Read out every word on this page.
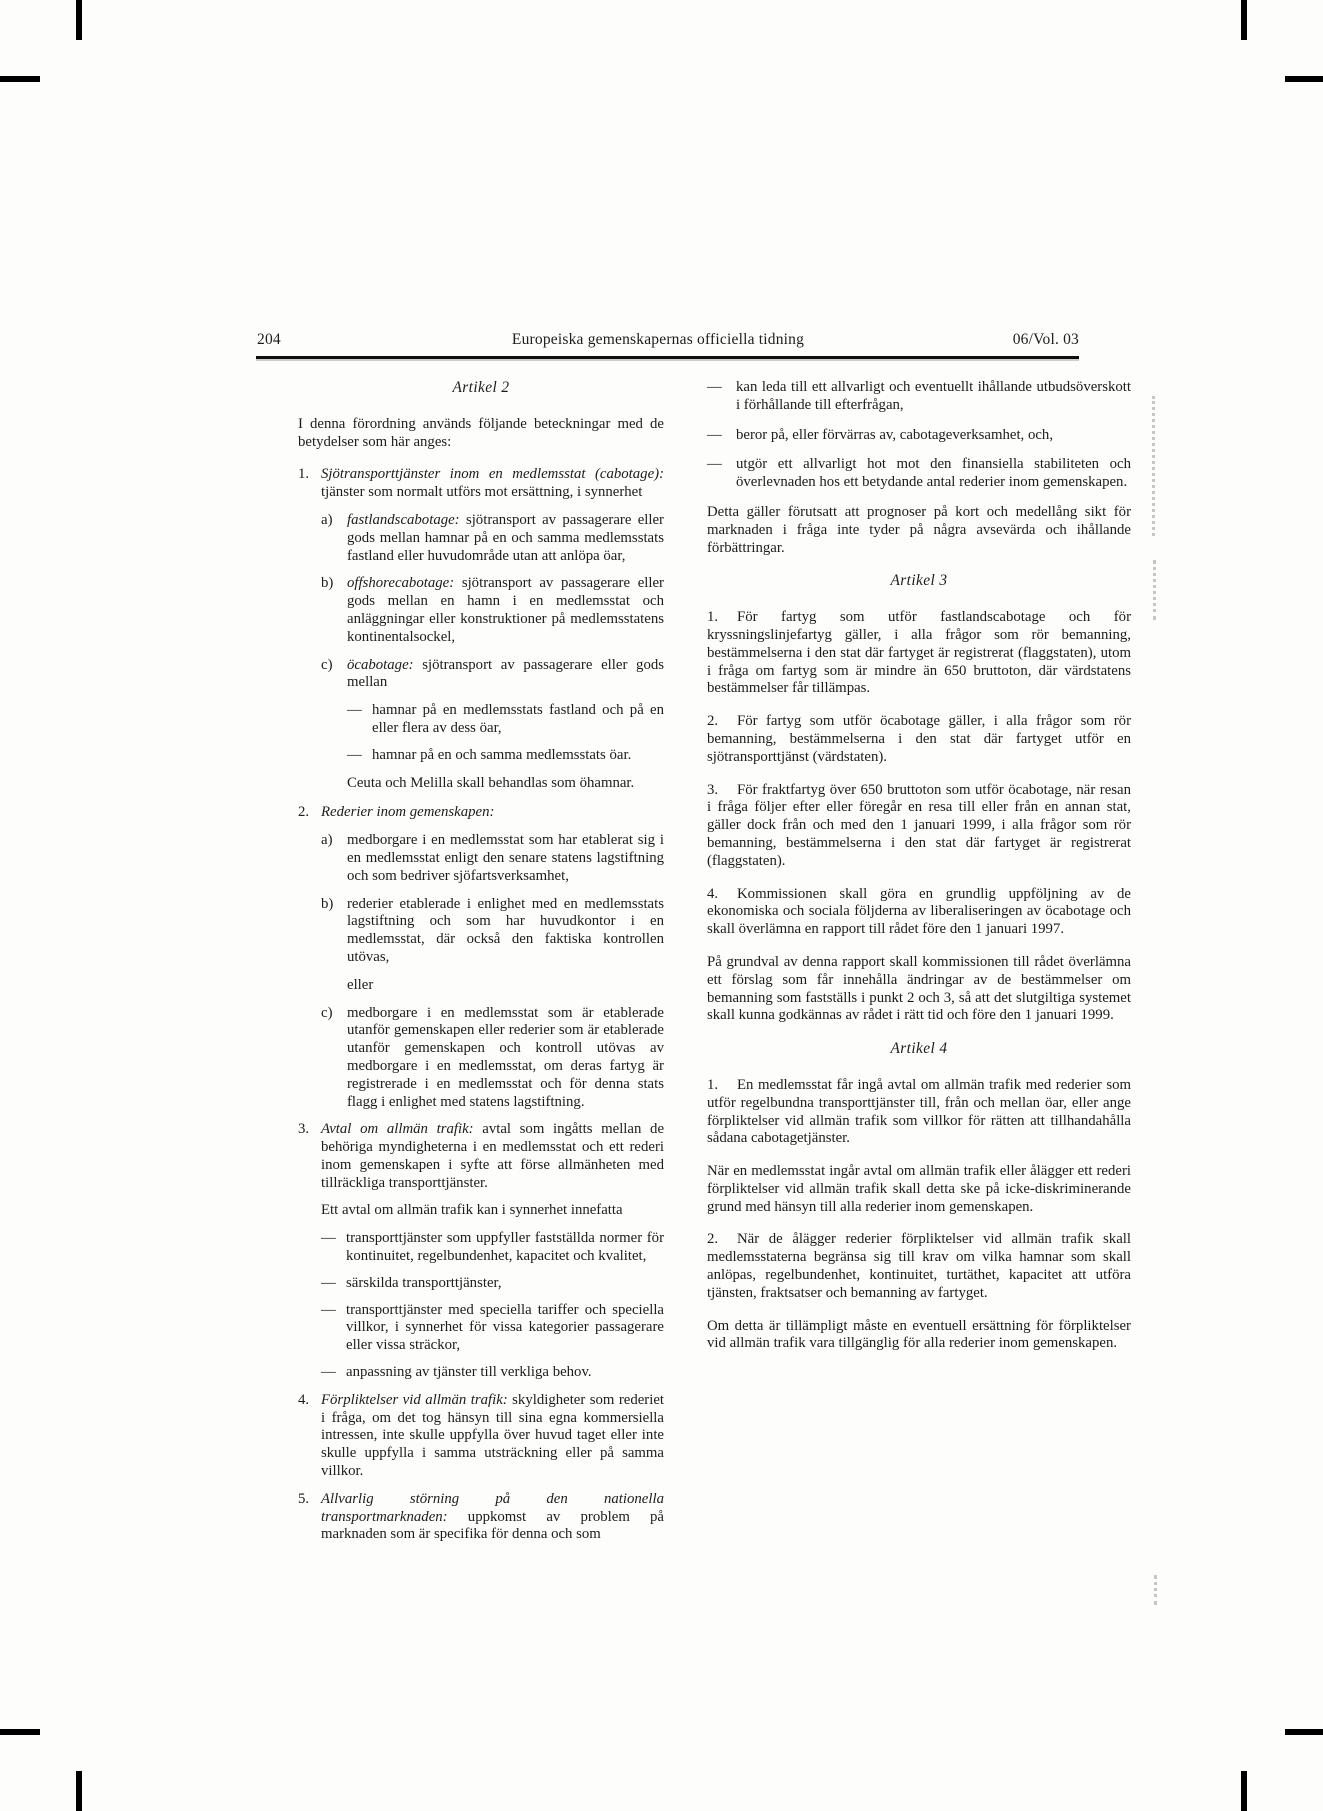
204	Europeiska gemenskapernas officiella tidning	06/Vol. 03
Artikel 2

I denna förordning används följande beteckningar med de betydelser som här anges:

1. Sjötransporttjänster inom en medlemsstat (cabotage): tjänster som normalt utförs mot ersättning, i synnerhet

a) fastlandscabotage: sjötransport av passagerare eller gods mellan hamnar på en och samma medlemsstats fastland eller huvudområde utan att anlöpa öar,
b) offshorecabotage: sjötransport av passagerare eller gods mellan en hamn i en medlemsstat och anläggningar eller konstruktioner på medlemsstatens kontinentalsockel,
c) öcabotage: sjötransport av passagerare eller gods mellan

— hamnar på en medlemsstats fastland och på en eller flera av dess öar,
— hamnar på en och samma medlemsstats öar.

Ceuta och Melilla skall behandlas som öhamnar.

2. Rederier inom gemenskapen:

a) medborgare i en medlemsstat som har etablerat sig i en medlemsstat enligt den senare statens lagstiftning och som bedriver sjöfartsverksamhet,
b) rederier etablerade i enlighet med en medlemsstats lagstiftning och som har huvudkontor i en medlemsstat, där också den faktiska kontrollen utövas,

eller

c) medborgare i en medlemsstat som är etablerade utanför gemenskapen eller rederier som är etablerade utanför gemenskapen och kontroll utövas av medborgare i en medlemsstat, om deras fartyg är registrerade i en medlemsstat och för denna stats flagg i enlighet med statens lagstiftning.
3. Avtal om allmän trafik: avtal som ingåtts mellan de behöriga myndigheterna i en medlemsstat och ett rederi inom gemenskapen i syfte att förse allmänheten med tillräckliga transporttjänster.

Ett avtal om allmän trafik kan i synnerhet innefatta

— transporttjänster som uppfyller fastställda normer för kontinuitet, regelbundenhet, kapacitet och kvalitet,
— särskilda transporttjänster,
— transporttjänster med speciella tariffer och speciella villkor, i synnerhet för vissa kategorier passagerare eller vissa sträckor,
— anpassning av tjänster till verkliga behov.
4. Förpliktelser vid allmän trafik: skyldigheter som rederiet i fråga, om det tog hänsyn till sina egna kommersiella intressen, inte skulle uppfylla över huvud taget eller inte skulle uppfylla i samma utsträckning eller på samma villkor.
5. Allvarlig störning på den nationella transportmarknaden: uppkomst av problem på marknaden som är specifika för denna och som
— kan leda till ett allvarligt och eventuellt ihållande utbudsöverskott i förhållande till efterfrågan,
— beror på, eller förvärras av, cabotageverksamhet, och,
— utgör ett allvarligt hot mot den finansiella stabiliteten och överlevnaden hos ett betydande antal rederier inom gemenskapen.

Detta gäller förutsatt att prognoser på kort och medellång sikt för marknaden i fråga inte tyder på några avsevärda och ihållande förbättringar.

Artikel 3

1. För fartyg som utför fastlandscabotage och för kryssningslinjefartyg gäller, i alla frågor som rör bemanning, bestämmelserna i den stat där fartyget är registrerat (flaggstaten), utom i fråga om fartyg som är mindre än 650 bruttoton, där värdstatens bestämmelser får tillämpas.

2. För fartyg som utför öcabotage gäller, i alla frågor som rör bemanning, bestämmelserna i den stat där fartyget utför en sjötransporttjänst (värdstaten).

3. För fraktfartyg över 650 bruttoton som utför öcabotage, när resan i fråga följer efter eller föregår en resa till eller från en annan stat, gäller dock från och med den 1 januari 1999, i alla frågor som rör bemanning, bestämmelserna i den stat där fartyget är registrerat (flaggstaten).

4. Kommissionen skall göra en grundlig uppföljning av de ekonomiska och sociala följderna av liberaliseringen av öcabotage och skall överlämna en rapport till rådet före den 1 januari 1997.

På grundval av denna rapport skall kommissionen till rådet överlämna ett förslag som får innehålla ändringar av de bestämmelser om bemanning som fastställs i punkt 2 och 3, så att det slutgiltiga systemet skall kunna godkännas av rådet i rätt tid och före den 1 januari 1999.

Artikel 4

1. En medlemsstat får ingå avtal om allmän trafik med rederier som utför regelbundna transporttjänster till, från och mellan öar, eller ange förpliktelser vid allmän trafik som villkor för rätten att tillhandahålla sådana cabotagetjänster.

När en medlemsstat ingår avtal om allmän trafik eller ålägger ett rederi förpliktelser vid allmän trafik skall detta ske på icke-diskriminerande grund med hänsyn till alla rederier inom gemenskapen.

2. När de ålägger rederier förpliktelser vid allmän trafik skall medlemsstaterna begränsa sig till krav om vilka hamnar som skall anlöpas, regelbundenhet, kontinuitet, turtäthet, kapacitet att utföra tjänsten, fraktsatser och bemanning av fartyget.

Om detta är tillämpligt måste en eventuell ersättning för förpliktelser vid allmän trafik vara tillgänglig för alla rederier inom gemenskapen.
